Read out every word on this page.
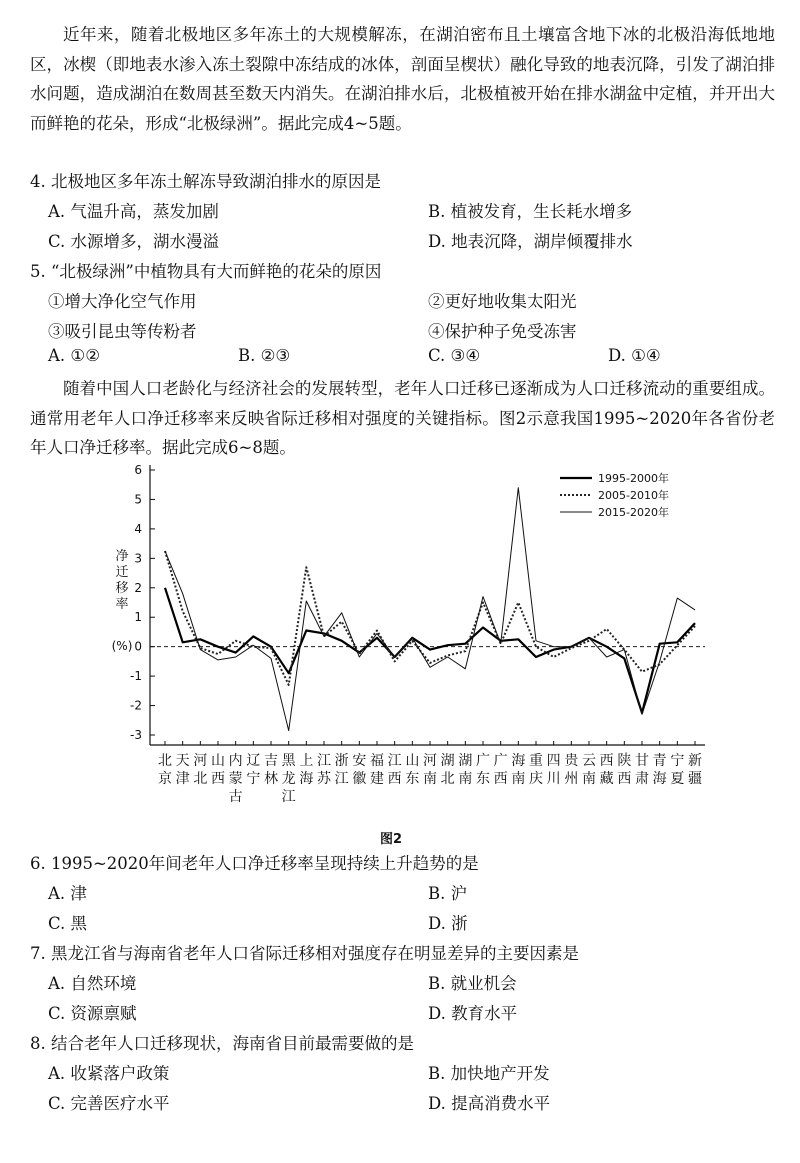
近年来，随着北极地区多年冻土的大规模解冻，在湖泊密布且土壤富含地下冰的北极沿海低地地区，冰楔（即地表水渗入冻土裂隙中冻结成的冰体，剖面呈楔状）融化导致的地表沉降，引发了湖泊排水问题，造成湖泊在数周甚至数天内消失。在湖泊排水后，北极植被开始在排水湖盆中定植，并开出大而鲜艳的花朵，形成“北极绿洲”。据此完成4~5题。
4. 北极地区多年冻土解冻导致湖泊排水的原因是
A. 气温升高，蒸发加剧	B. 植被发育，生长耗水增多
C. 水源增多，湖水漫溢	D. 地表沉降，湖岸倾覆排水
5. “北极绿洲”中植物具有大而鲜艳的花朵的原因
①增大净化空气作用	②更好地收集太阳光
③吸引昆虫等传粉者	④保护种子免受冻害
A. ①②	B. ②③	C. ③④	D. ①④
随着中国人口老龄化与经济社会的发展转型，老年人口迁移已逐渐成为人口迁移流动的重要组成。通常用老年人口净迁移率来反映省际迁移相对强度的关键指标。图2示意我国1995~2020年各省份老年人口净迁移率。据此完成6~8题。
-3
-2
-1
0
1
2
3
4
5
6
净
迁
移
率
(%)
北
京
天
津
河
北
山
西
内
蒙
古
辽
宁
吉
林
黑
龙
江
上
海
江
苏
浙
江
安
徽
福
建
江
西
山
东
河
南
湖
北
湖
南
广
东
广
西
海
南
重
庆
四
川
贵
州
云
南
西
藏
陕
西
甘
肃
青
海
宁
夏
新
疆
1995-2000年
2005-2010年
2015-2020年
图2
6. 1995~2020年间老年人口净迁移率呈现持续上升趋势的是
A. 津	B. 沪
C. 黑	D. 浙
7. 黑龙江省与海南省老年人口省际迁移相对强度存在明显差异的主要因素是
A. 自然环境	B. 就业机会
C. 资源禀赋	D. 教育水平
8. 结合老年人口迁移现状，海南省目前最需要做的是
A. 收紧落户政策	B. 加快地产开发
C. 完善医疗水平	D. 提高消费水平
